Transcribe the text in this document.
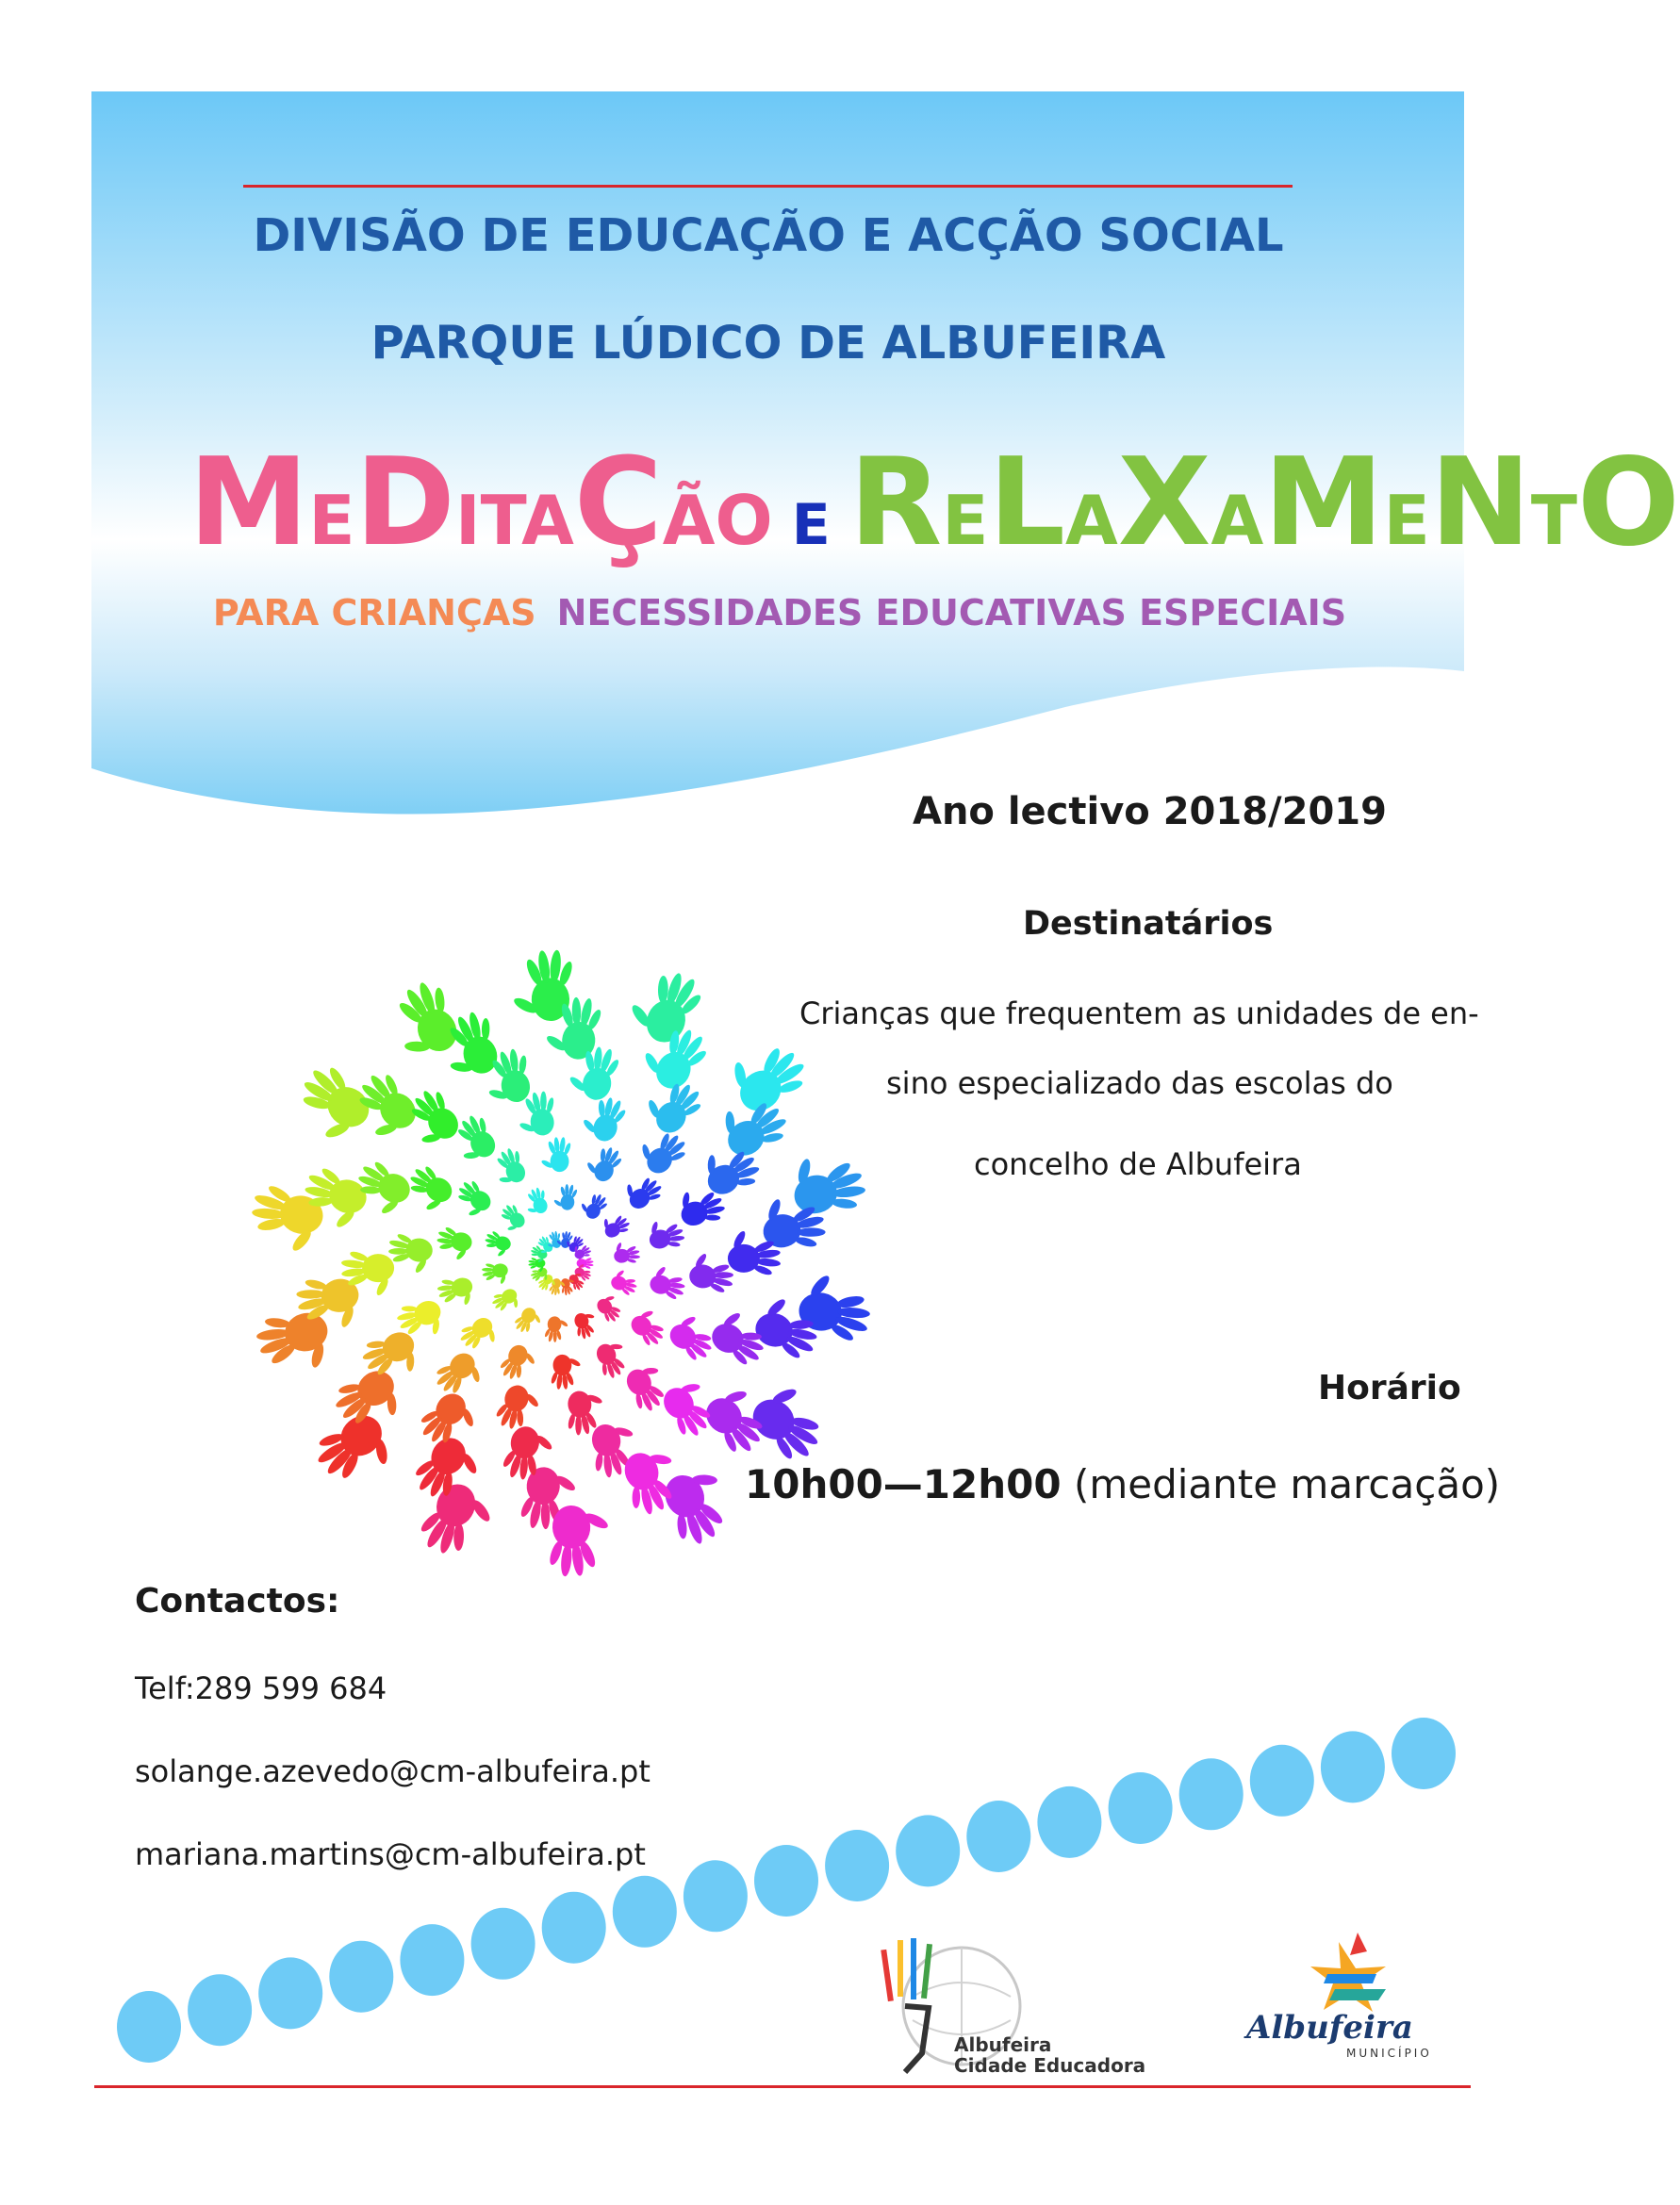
DIVISÃO DE EDUCAÇÃO E ACÇÃO SOCIAL
PARQUE LÚDICO DE ALBUFEIRA
MEDITAÇÃO E RELAXAMENTO
PARA CRIANÇAS NECESSIDADES EDUCATIVAS ESPECIAIS
Ano lectivo 2018/2019
Destinatários
Crianças que frequentem as unidades de en-
sino especializado das escolas do
concelho de Albufeira
Horário
10h00—12h00 (mediante marcação)
Contactos:
Telf:289 599 684
solange.azevedo@cm-albufeira.pt
mariana.martins@cm-albufeira.pt
Albufeira
Cidade Educadora
Albufeira
MUNICÍPIO
